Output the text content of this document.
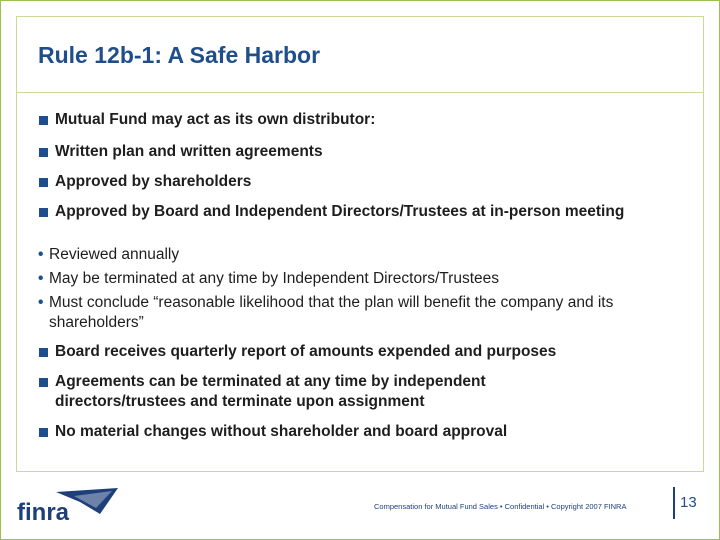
Rule 12b-1: A Safe Harbor
Mutual Fund may act as its own distributor:
Written plan and written agreements
Approved by shareholders
Approved by Board and Independent Directors/Trustees at in-person meeting
Board receives quarterly report of amounts expended and purposes
Agreements can be terminated at any time by independent directors/trustees and terminate upon assignment
No material changes without shareholder and board approval
• Reviewed annually
• May be terminated at any time by Independent Directors/Trustees
• Must conclude “reasonable likelihood that the plan will benefit the company and its shareholders”
finra	Compensation for Mutual Fund Sales • Confidential • Copyright 2007 FINRA	13
